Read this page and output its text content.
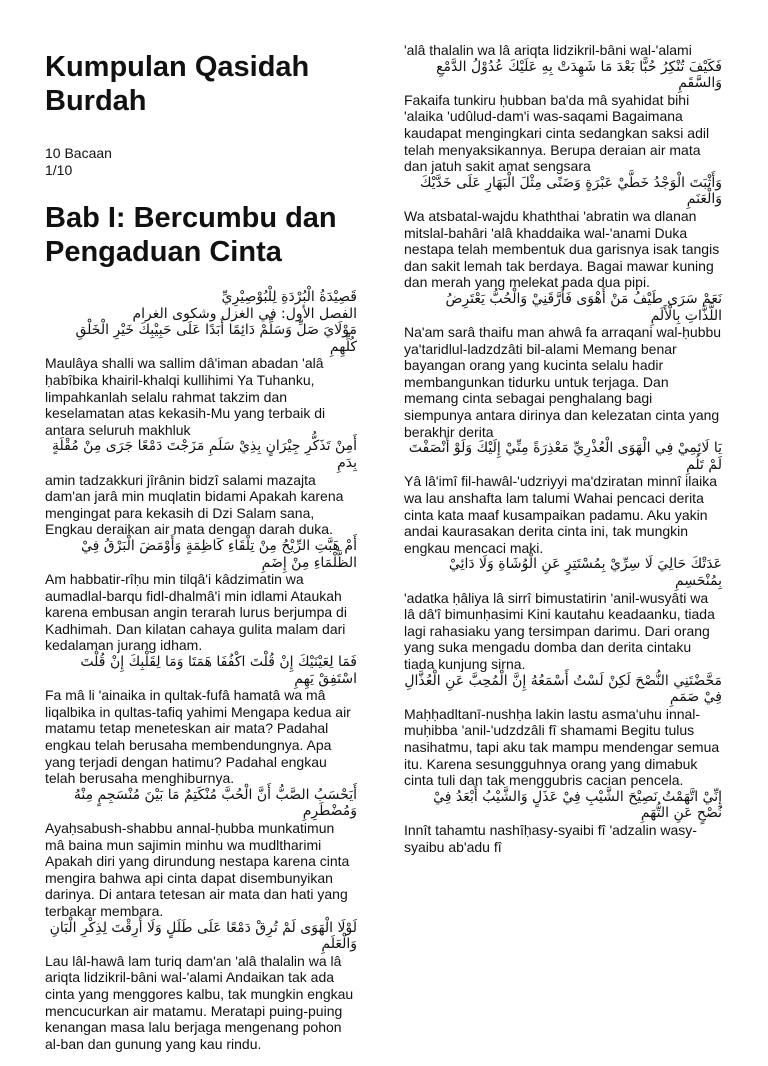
Kumpulan Qasidah Burdah
10 Bacaan
1/10
Bab I: Bercumbu dan Pengaduan Cinta
قَصِيْدَةُ الْبُرْدَةِ لِلْبُوْصِيْرِيِّ
الفصل الأول: في الغزل وشكوى الغرام
مَوْلَايَ صَلِّ وَسَلِّمْ دَائِمًا أَبَدًا عَلَى حَبِيْبِكَ خَيْرِ الْخَلْقِ كُلِّهِمِ
Maulâya shalli wa sallim dâ'iman abadan 'alâ ḥabîbika khairil-khalqi kullihimi Ya Tuhanku, limpahkanlah selalu rahmat takzim dan keselamatan atas kekasih-Mu yang terbaik di antara seluruh makhluk
أَمِنْ تَذَكُّرِ جِيْرَانٍ بِذِيْ سَلَمِ مَزَجْتَ دَمْعًا جَرَى مِنْ مُقْلَةٍ بِدَمِ
amin tadzakkuri jîrânin bidzî salami mazajta dam'an jarâ min muqlatin bidami Apakah karena mengingat para kekasih di Dzi Salam sana, Engkau deraikan air mata dengan darah duka.
أَمْ هَبَّتِ الرِّيْحُ مِنْ تِلْقَاءِ كَاظِمَةٍ وَأَوْمَضَ الْبَرْقُ فِيْ الظَّلْمَاءِ مِنْ إِضَمِ
Am habbatir-rîḥu min tilqâ'i kâdzimatin wa aumadlal-barqu fidl-dhalmâ'i min idlami Ataukah karena embusan angin terarah lurus berjumpa di Kadhimah. Dan kilatan cahaya gulita malam dari kedalaman jurang idham.
فَمَا لِعَيْنَيْكَ إِنْ قُلْتَ اكْفُفَا هَمَتَا وَمَا لِقَلْبِكَ إِنْ قُلْتَ اسْتَفِقْ يَهِمِ
Fa mâ li 'ainaika in qultak-fufâ hamatâ wa mâ liqalbika in qultas-tafiq yahimi Mengapa kedua air matamu tetap meneteskan air mata? Padahal engkau telah berusaha membendungnya. Apa yang terjadi dengan hatimu? Padahal engkau telah berusaha menghiburnya.
أَيَحْسَبُ الصَّبُّ أَنَّ الْحُبَّ مُنْكَتِمٌ مَا بَيْنَ مُنْسَجِمٍ مِنْهُ وَمُضْطَرِمِ
Ayaḥsabush-shabbu annal-ḥubba munkatimun mâ baina mun sajimin minhu wa mudltharimi Apakah diri yang dirundung nestapa karena cinta mengira bahwa api cinta dapat disembunyikan darinya. Di antara tetesan air mata dan hati yang terbakar membara.
لَوْلَا الْهَوَى لَمْ تُرِقْ دَمْعًا عَلَى طَلَلٍ وَلَا أَرِقْتَ لِذِكْرِ الْبَانِ وَالْعَلَمِ
Lau lâl-hawâ lam turiq dam'an 'alâ thalalin wa lâ ariqta lidzikril-bâni wal-'alami Andaikan tak ada cinta yang menggores kalbu, tak mungkin engkau mencucurkan air matamu. Meratapi puing-puing kenangan masa lalu berjaga mengenang pohon al-ban dan gunung yang kau rindu.
'alâ thalalin wa lâ ariqta lidzikril-bâni wal-'alami
فَكَيْفَ تُنْكِرُ حُبًّا بَعْدَ مَا شَهِدَتْ بِهِ عَلَيْكَ عُدُوْلُ الدَّمْعِ وَالسَّقَمِ
Fakaifa tunkiru ḥubban ba'da mâ syahidat bihi 'alaika 'udûlud-dam'i was-saqami Bagaimana kaudapat mengingkari cinta sedangkan saksi adil telah menyaksikannya. Berupa deraian air mata dan jatuh sakit amat sengsara
وَأَثْبَتَ الْوَجْدُ خَطَّيْ عَبْرَةٍ وَضَنًى مِثْلَ الْبَهَارِ عَلَى خَدَّيْكَ وَالْعَنَمِ
Wa atsbatal-wajdu khaththai 'abratin wa dlanan mitslal-bahâri 'alâ khaddaika wal-'anami Duka nestapa telah membentuk dua garisnya isak tangis dan sakit lemah tak berdaya. Bagai mawar kuning dan merah yang melekat pada dua pipi.
نَعَمْ سَرَى طَيْفُ مَنْ أَهْوَى فَأَرَّقَنِيْ وَالْحُبُّ يَعْتَرِضُ اللَّذَّاتِ بِالْأَلَمِ
Na'am sarâ thaifu man ahwâ fa arraqani wal-ḥubbu ya'taridlul-ladzdzâti bil-alami Memang benar bayangan orang yang kucinta selalu hadir membangunkan tidurku untuk terjaga. Dan memang cinta sebagai penghalang bagi siempunya antara dirinya dan kelezatan cinta yang berakhir derita
يَا لَائِمِيْ فِي الْهَوَى الْعُذْرِيِّ مَعْذِرَةً مِنِّيْ إِلَيْكَ وَلَوْ أَنْصَفْتَ لَمْ تَلُمِ
Yâ lâ'imî fil-hawâl-'udzriyyi ma'dziratan minnî ilaika wa lau anshafta lam talumi Wahai pencaci derita cinta kata maaf kusampaikan padamu. Aku yakin andai kaurasakan derita cinta ini, tak mungkin engkau mencaci maki.
عَدَتْكَ حَالِيَ لَا سِرِّيْ بِمُسْتَتِرٍ عَنِ الْوُشَاةِ وَلَا دَائِيْ بِمُنْحَسِمِ
'adatka ḥâliya lâ sirrî bimustatirin 'anil-wusyâti wa lâ dâ'î bimunḥasimi Kini kautahu keadaanku, tiada lagi rahasiaku yang tersimpan darimu. Dari orang yang suka mengadu domba dan derita cintaku tiada kunjung sirna.
مَحَّضْتَنِي النُّصْحَ لَكِنْ لَسْتُ أَسْمَعُهُ إِنَّ الْمُحِبَّ عَنِ الْعُذَّالِ فِيْ صَمَمِ
Maḥḥadltanī-nushḥa lakin lastu asma'uhu innal-muḥibba 'anil-'udzdzâli fî shamami Begitu tulus nasihatmu, tapi aku tak mampu mendengar semua itu. Karena sesungguhnya orang yang dimabuk cinta tuli dan tak menggubris cacian pencela.
إِنِّيْ اتَّهَمْتُ نَصِيْحَ الشَّيْبِ فِيْ عَذَلٍ وَالشَّيْبُ أَبْعَدُ فِيْ نُصْحٍ عَنِ التُّهَمِ
Innît tahamtu nashîḥasy-syaibi fî 'adzalin wasy-syaibu ab'adu fî
